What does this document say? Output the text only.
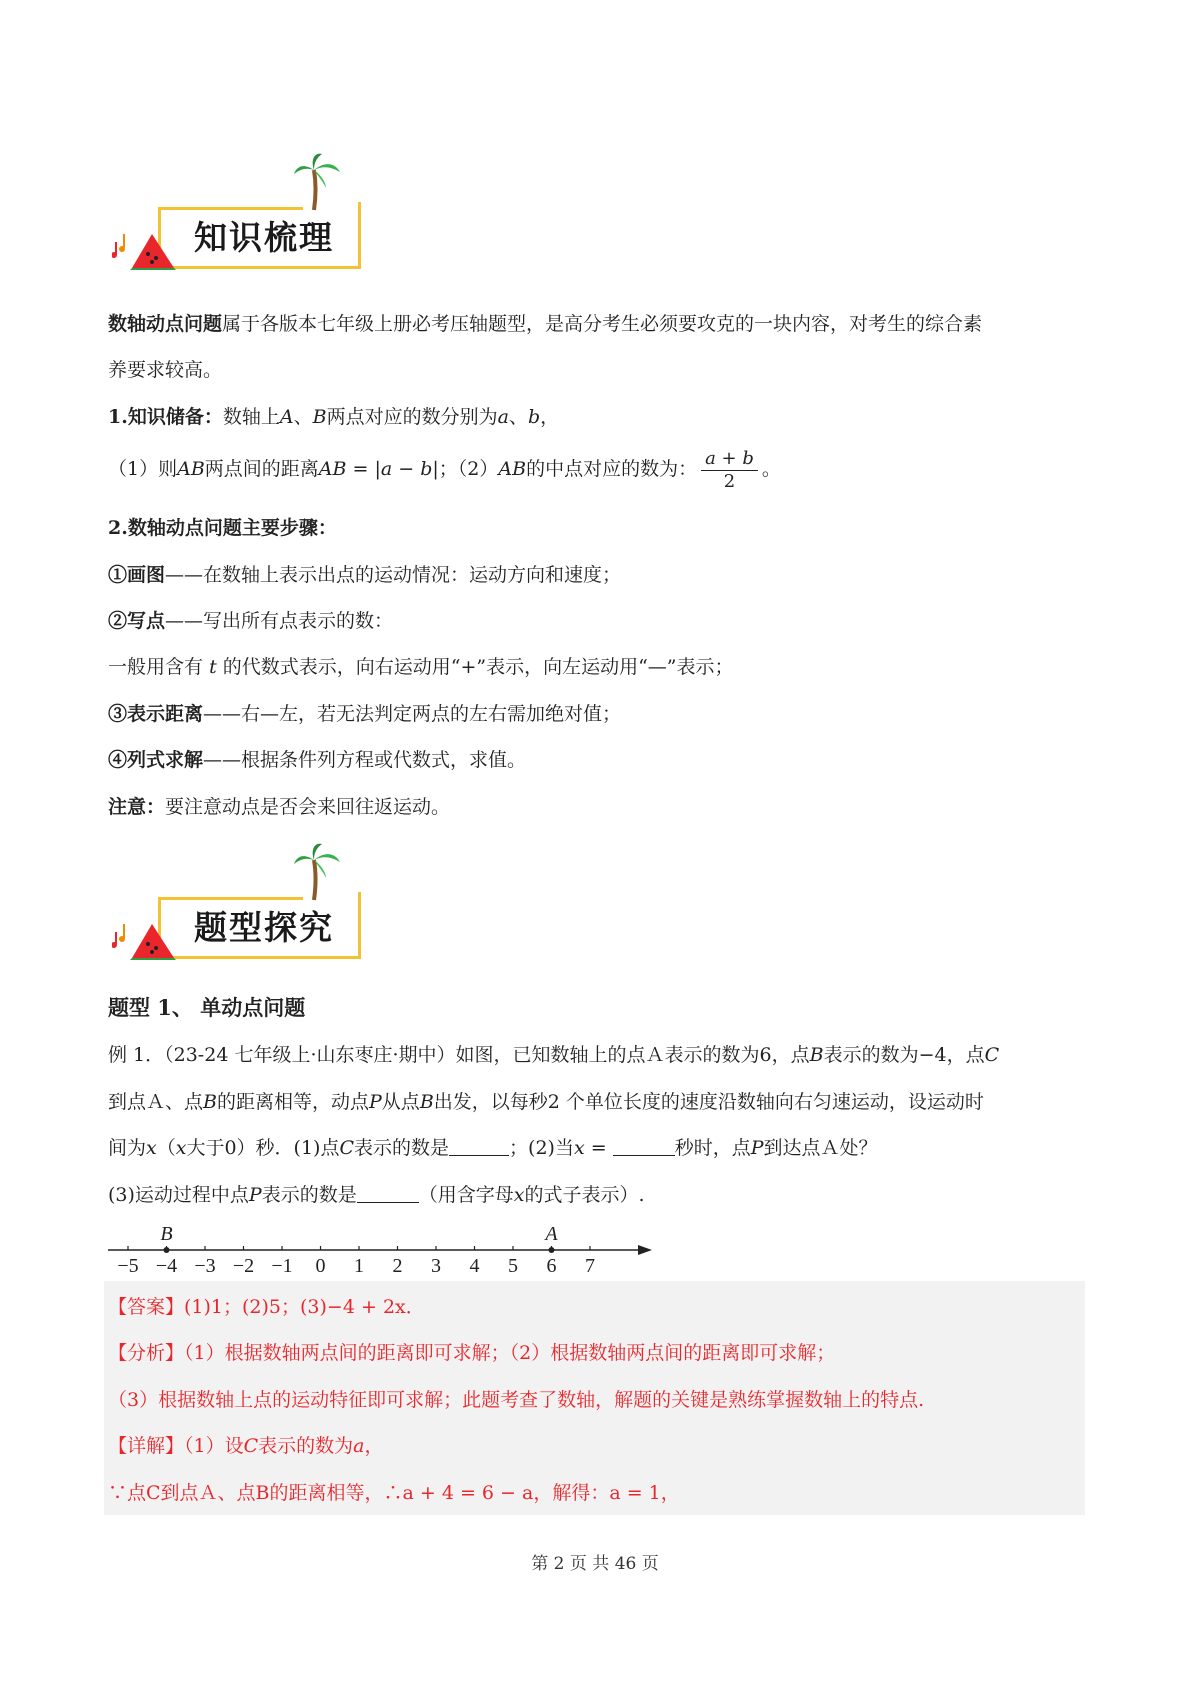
知识梳理
数轴动点问题属于各版本七年级上册必考压轴题型，是高分考生必须要攻克的一块内容，对考生的综合素
养要求较高。
1.知识储备：数轴上A、B两点对应的数分别为a、b，
（1）则AB两点间的距离AB = |a − b|；（2）AB的中点对应的数为： $\frac{a + b}{2}$ 。
2.数轴动点问题主要步骤：
①画图——在数轴上表示出点的运动情况：运动方向和速度；
②写点——写出所有点表示的数：
一般用含有 t 的代数式表示，向右运动用“+”表示，向左运动用“—”表示；
③表示距离——右—左，若无法判定两点的左右需加绝对值；
④列式求解——根据条件列方程或代数式，求值。
注意：要注意动点是否会来回往返运动。
题型探究
题型 1、 单动点问题
例 1．（23-24 七年级上·山东枣庄·期中）如图，已知数轴上的点Ａ表示的数为6，点B表示的数为−4，点C
到点Ａ、点B的距离相等，动点P从点B出发，以每秒2 个单位长度的速度沿数轴向右匀速运动，设运动时
间为x（x大于0）秒．(1)点C表示的数是	；(2)当x =	秒时，点P到达点Ａ处？
(3)运动过程中点P表示的数是	（用含字母x的式子表示）.
−5 −4 −3 −2 −1 0 1 2 3 4 5 6 7
B	A
【答案】(1)1；(2)5；(3)−4 + 2x．
【分析】（1）根据数轴两点间的距离即可求解；（2）根据数轴两点间的距离即可求解；
（3）根据数轴上点的运动特征即可求解；此题考查了数轴，解题的关键是熟练掌握数轴上的特点.
【详解】（1）设C表示的数为a，
∵点C到点Ａ、点B的距离相等，∴a + 4 = 6 − a，解得：a = 1，
第 2 页 共 46 页
